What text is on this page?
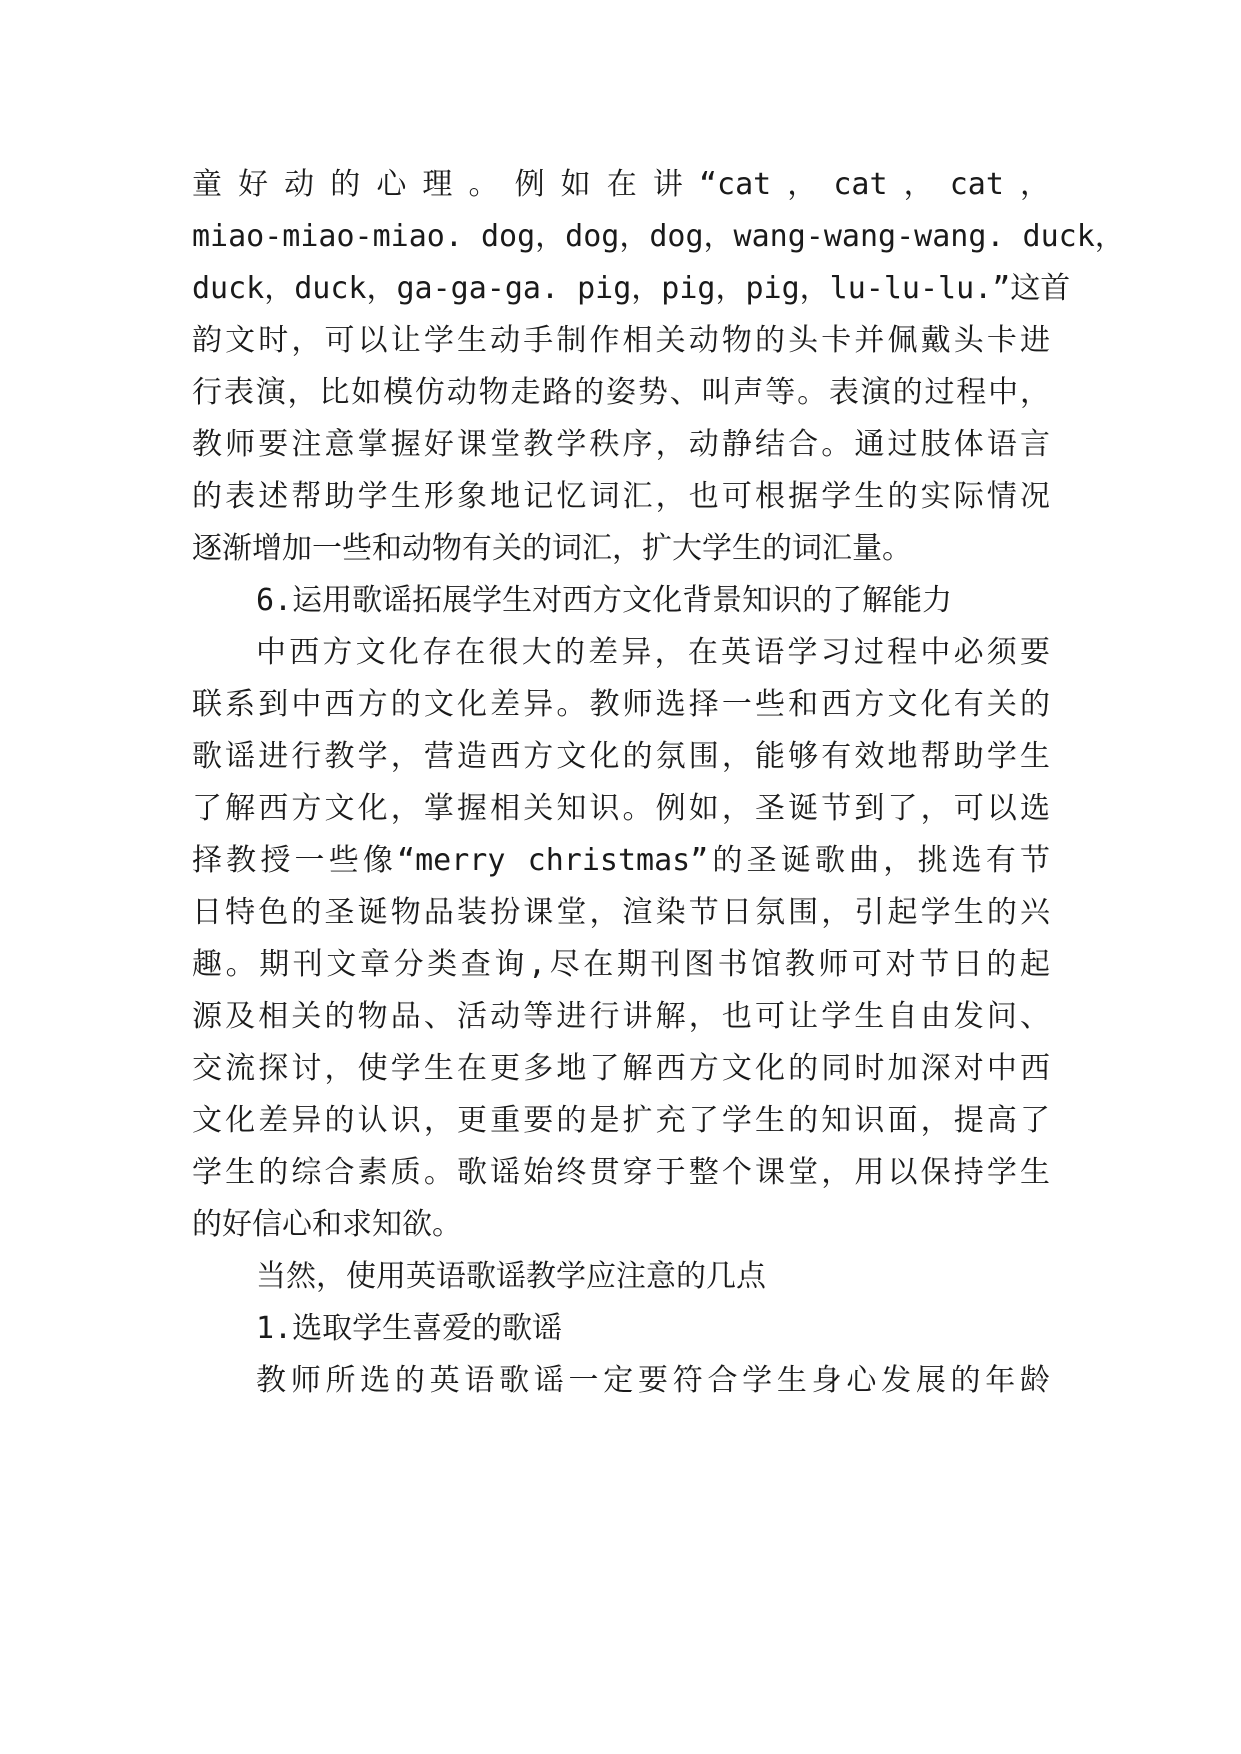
童好动的心理。例如在讲“cat，cat，cat，
miao-miao-miao. dog，dog，dog，wang-wang-wang. duck，
duck，duck，ga-ga-ga. pig，pig，pig，lu-lu-lu.”这首
韵文时，可以让学生动手制作相关动物的头卡并佩戴头卡进
行表演，比如模仿动物走路的姿势、叫声等。表演的过程中，
教师要注意掌握好课堂教学秩序，动静结合。通过肢体语言
的表述帮助学生形象地记忆词汇，也可根据学生的实际情况
逐渐增加一些和动物有关的词汇，扩大学生的词汇量。
6.运用歌谣拓展学生对西方文化背景知识的了解能力
中西方文化存在很大的差异，在英语学习过程中必须要
联系到中西方的文化差异。教师选择一些和西方文化有关的
歌谣进行教学，营造西方文化的氛围，能够有效地帮助学生
了解西方文化，掌握相关知识。例如，圣诞节到了，可以选
择教授一些像“merry christmas”的圣诞歌曲，挑选有节
日特色的圣诞物品装扮课堂，渲染节日氛围，引起学生的兴
趣。期刊文章分类查询,尽在期刊图书馆教师可对节日的起
源及相关的物品、活动等进行讲解，也可让学生自由发问、
交流探讨，使学生在更多地了解西方文化的同时加深对中西
文化差异的认识，更重要的是扩充了学生的知识面，提高了
学生的综合素质。歌谣始终贯穿于整个课堂，用以保持学生
的好信心和求知欲。
当然，使用英语歌谣教学应注意的几点
1.选取学生喜爱的歌谣
教师所选的英语歌谣一定要符合学生身心发展的年龄
